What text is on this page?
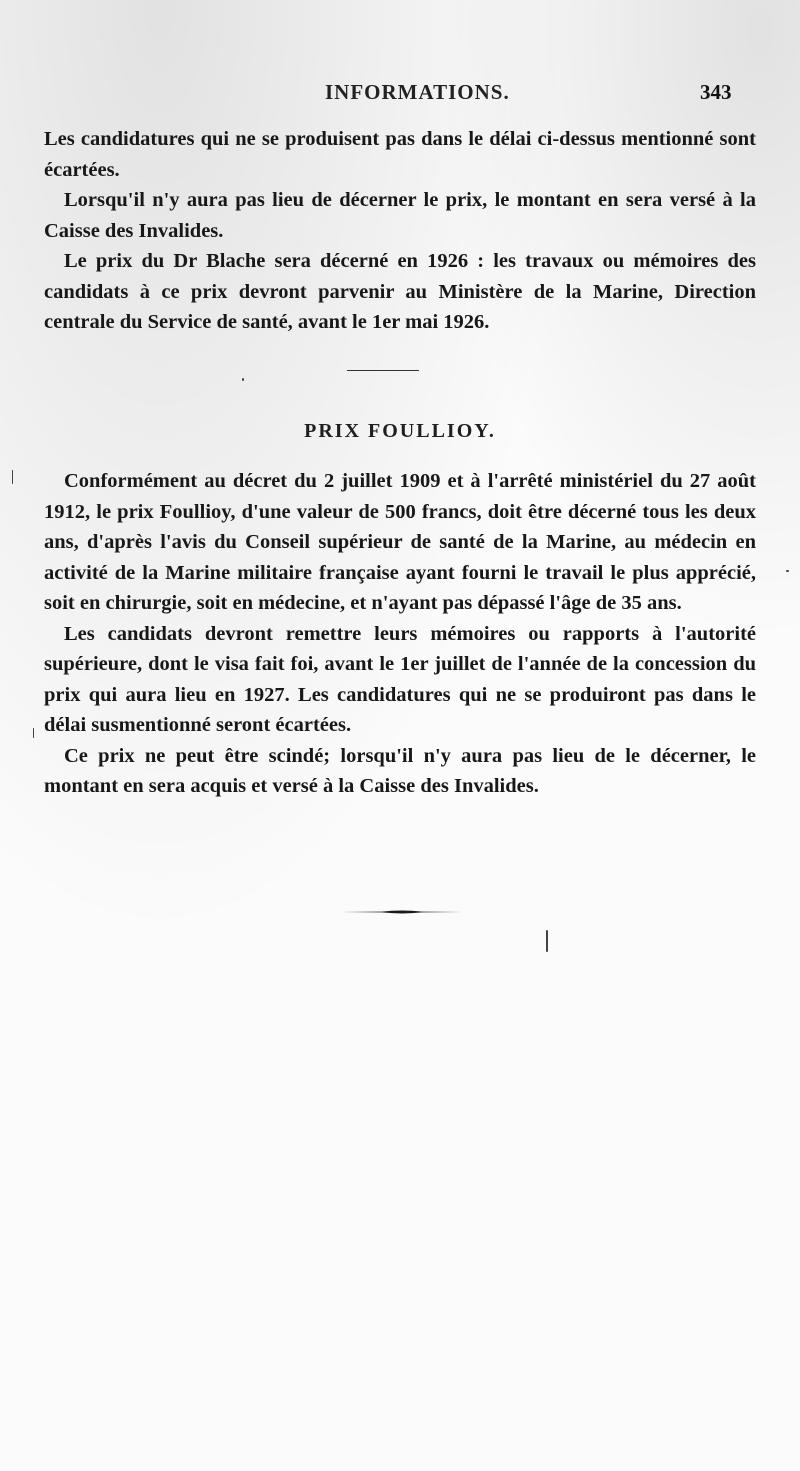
INFORMATIONS.	343

Les candidatures qui ne se produisent pas dans le délai ci-dessus mentionné sont écartées.

Lorsqu'il n'y aura pas lieu de décerner le prix, le montant en sera versé à la Caisse des Invalides.

Le prix du Dr Blache sera décerné en 1926 : les travaux ou mémoires des candidats à ce prix devront parvenir au Ministère de la Marine, Direction centrale du Service de santé, avant le 1er mai 1926.

PRIX FOULLIOY.

Conformément au décret du 2 juillet 1909 et à l'arrêté ministériel du 27 août 1912, le prix Foullioy, d'une valeur de 500 francs, doit être décerné tous les deux ans, d'après l'avis du Conseil supérieur de santé de la Marine, au médecin en activité de la Marine militaire française ayant fourni le travail le plus apprécié, soit en chirurgie, soit en médecine, et n'ayant pas dépassé l'âge de 35 ans.

Les candidats devront remettre leurs mémoires ou rapports à l'autorité supérieure, dont le visa fait foi, avant le 1er juillet de l'année de la concession du prix qui aura lieu en 1927. Les candidatures qui ne se produiront pas dans le délai susmentionné seront écartées.

Ce prix ne peut être scindé; lorsqu'il n'y aura pas lieu de le décerner, le montant en sera acquis et versé à la Caisse des Invalides.
